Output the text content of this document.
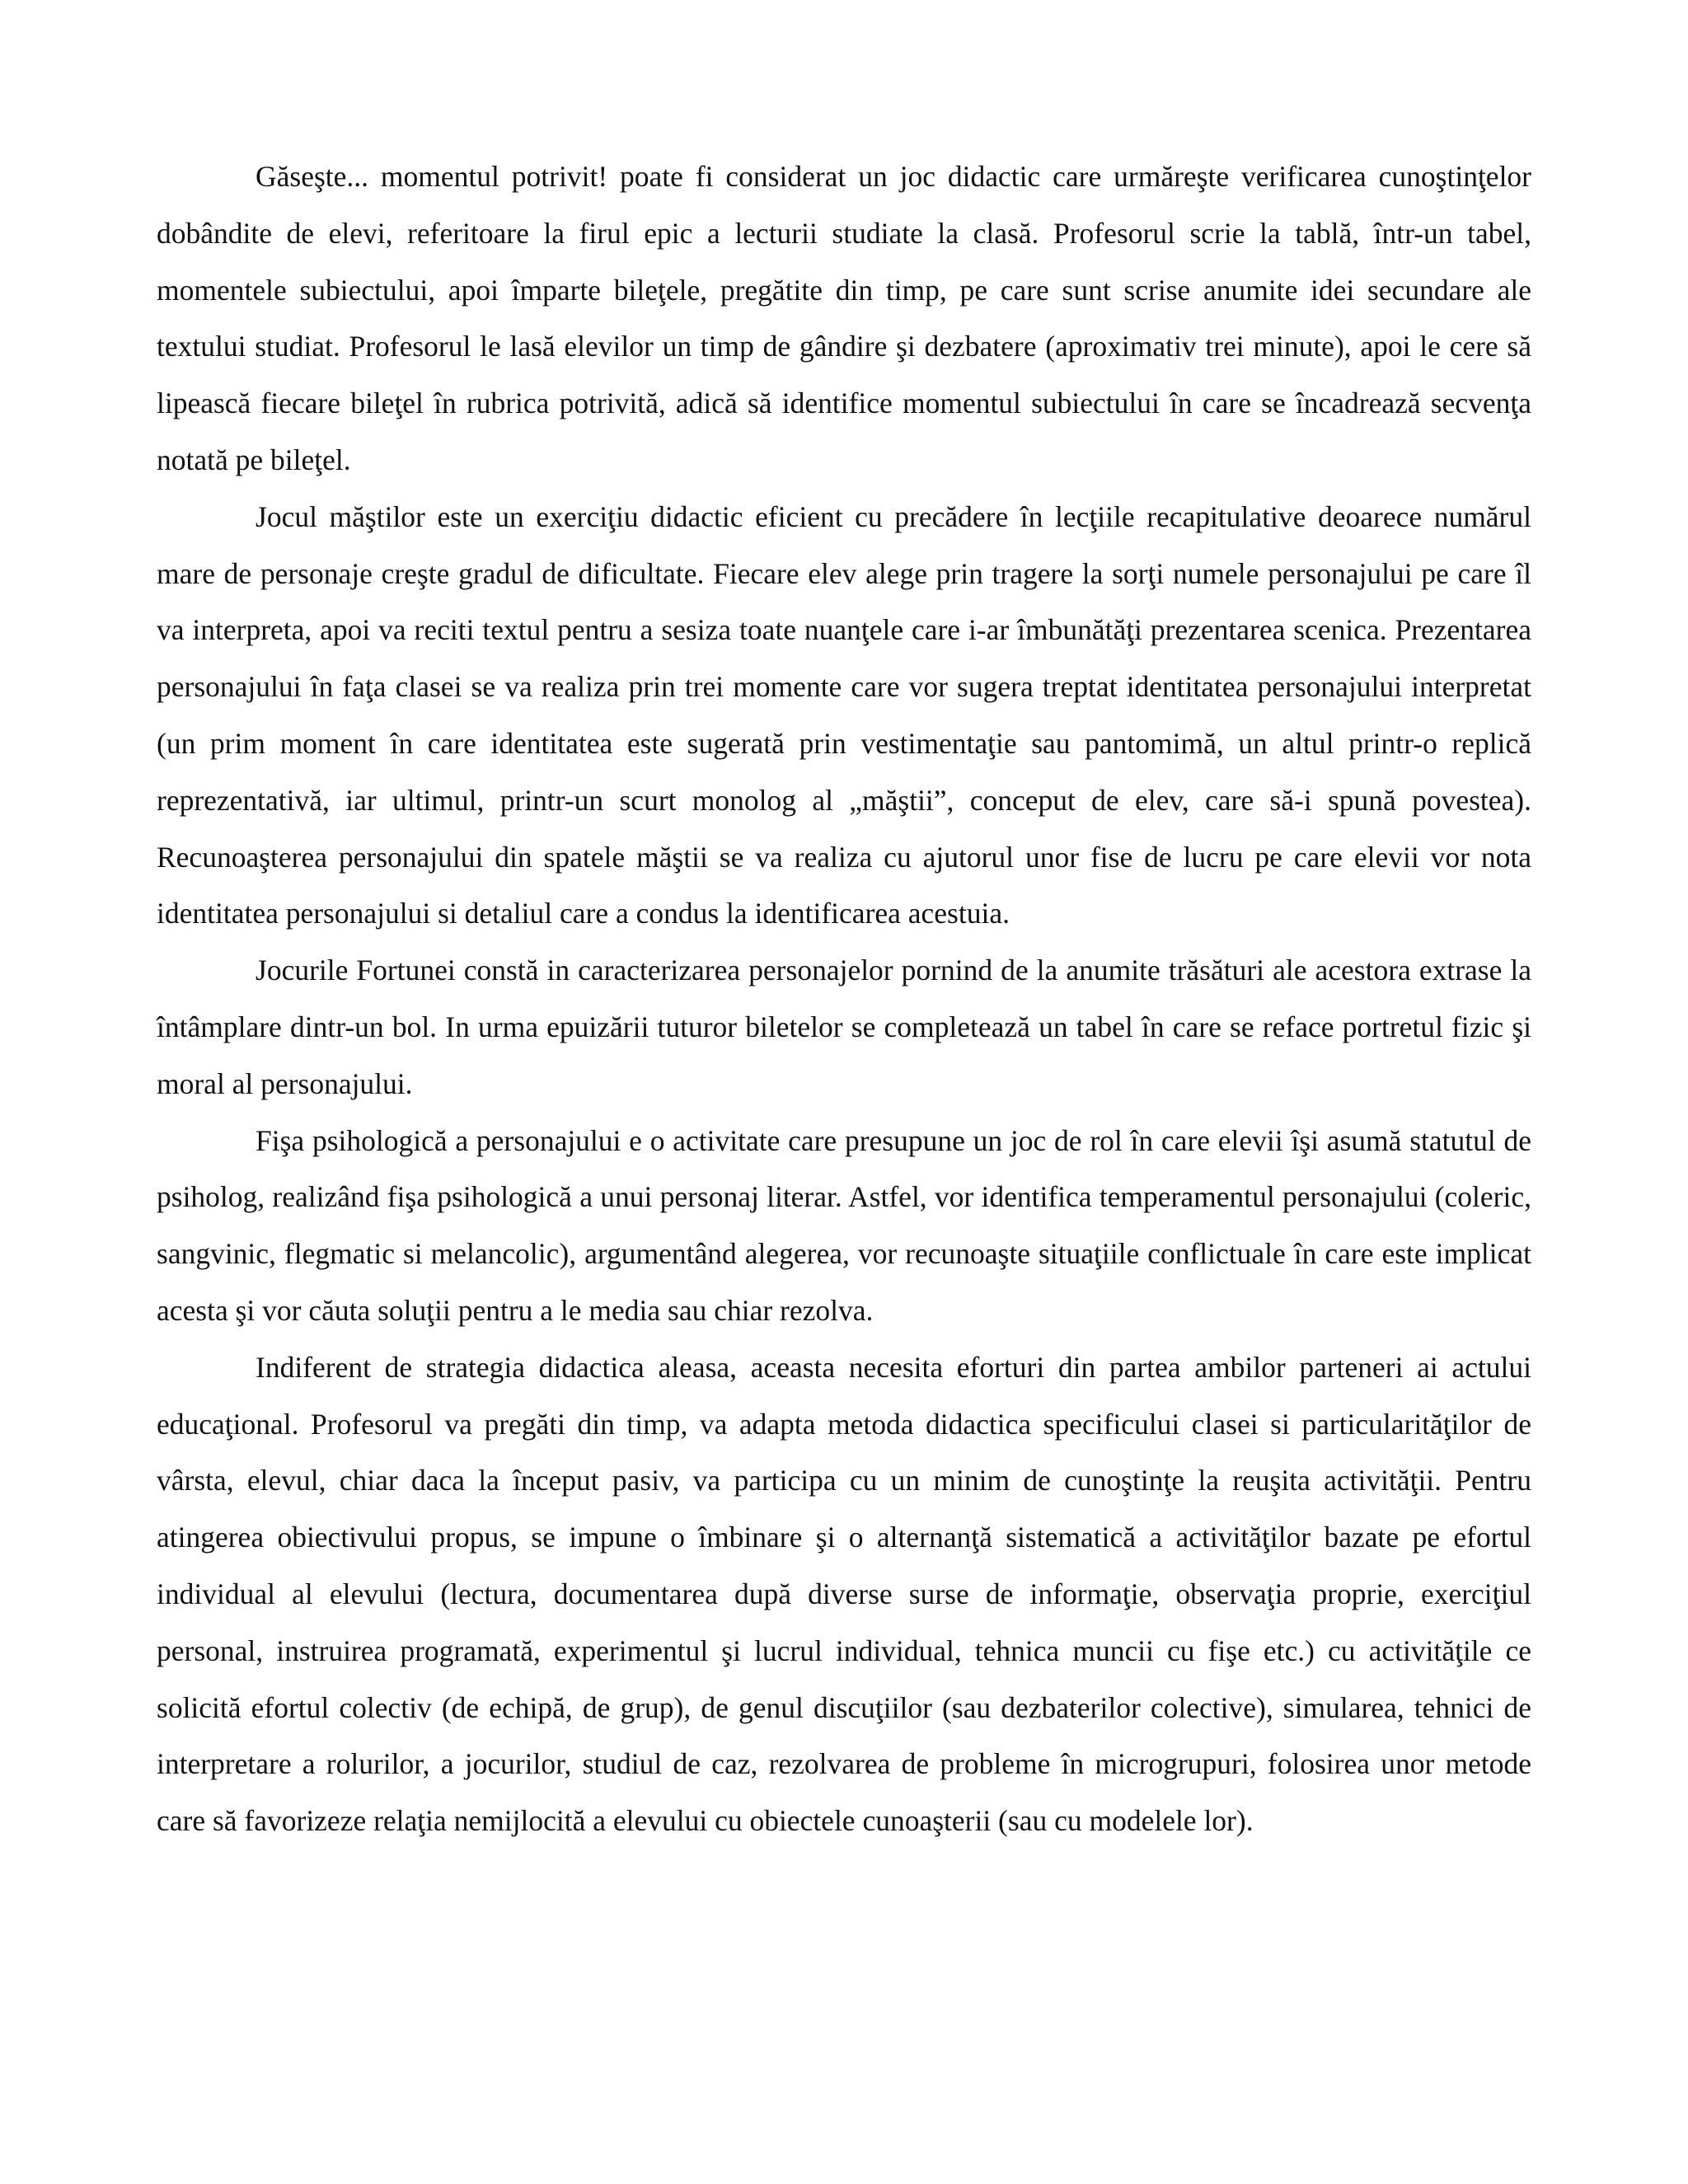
Găseşte... momentul potrivit! poate fi considerat un joc didactic care urmăreşte verificarea cunoştinţelor dobândite de elevi, referitoare la firul epic a lecturii studiate la clasă. Profesorul scrie la tablă, într-un tabel, momentele subiectului, apoi împarte bileţele, pregătite din timp, pe care sunt scrise anumite idei secundare ale textului studiat. Profesorul le lasă elevilor un timp de gândire şi dezbatere (aproximativ trei minute), apoi le cere să lipească fiecare bileţel în rubrica potrivită, adică să identifice momentul subiectului în care se încadrează secvenţa notată pe bileţel.

Jocul măştilor este un exerciţiu didactic eficient cu precădere în lecţiile recapitulative deoarece numărul mare de personaje creşte gradul de dificultate. Fiecare elev alege prin tragere la sorţi numele personajului pe care îl va interpreta, apoi va reciti textul pentru a sesiza toate nuanţele care i-ar îmbunătăţi prezentarea scenica. Prezentarea personajului în faţa clasei se va realiza prin trei momente care vor sugera treptat identitatea personajului interpretat (un prim moment în care identitatea este sugerată prin vestimentaţie sau pantomimă, un altul printr-o replică reprezentativă, iar ultimul, printr-un scurt monolog al „măştii”, conceput de elev, care să-i spună povestea). Recunoaşterea personajului din spatele măştii se va realiza cu ajutorul unor fise de lucru pe care elevii vor nota identitatea personajului si detaliul care a condus la identificarea acestuia.

Jocurile Fortunei constă in caracterizarea personajelor pornind de la anumite trăsături ale acestora extrase la întâmplare dintr-un bol. In urma epuizării tuturor biletelor se completează un tabel în care se reface portretul fizic şi moral al personajului.

Fişa psihologică a personajului e o activitate care presupune un joc de rol în care elevii îşi asumă statutul de psiholog, realizând fişa psihologică a unui personaj literar. Astfel, vor identifica temperamentul personajului (coleric, sangvinic, flegmatic si melancolic), argumentând alegerea, vor recunoaşte situaţiile conflictuale în care este implicat acesta şi vor căuta soluţii pentru a le media sau chiar rezolva.

Indiferent de strategia didactica aleasa, aceasta necesita eforturi din partea ambilor parteneri ai actului educaţional. Profesorul va pregăti din timp, va adapta metoda didactica specificului clasei si particularităţilor de vârsta, elevul, chiar daca la început pasiv, va participa cu un minim de cunoştinţe la reuşita activităţii. Pentru atingerea obiectivului propus, se impune o îmbinare şi o alternanţă sistematică a activităţilor bazate pe efortul individual al elevului (lectura, documentarea după diverse surse de informaţie, observaţia proprie, exerciţiul personal, instruirea programată, experimentul şi lucrul individual, tehnica muncii cu fişe etc.) cu activităţile ce solicită efortul colectiv (de echipă, de grup), de genul discuţiilor (sau dezbaterilor colective), simularea, tehnici de interpretare a rolurilor, a jocurilor, studiul de caz, rezolvarea de probleme în microgrupuri, folosirea unor metode care să favorizeze relaţia nemijlocită a elevului cu obiectele cunoaşterii (sau cu modelele lor).
